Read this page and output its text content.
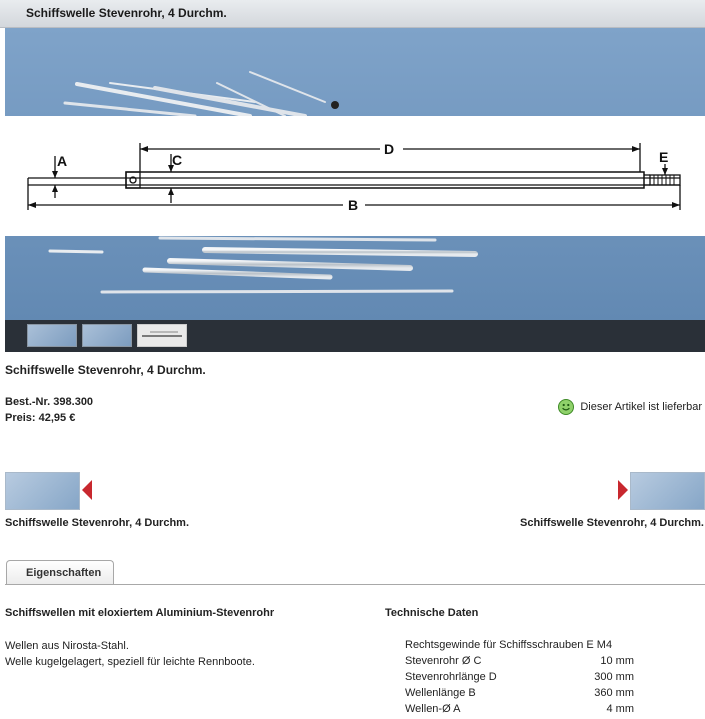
Schiffswelle Stevenrohr, 4 Durchm.
A	C
D
B
E
Schiffswelle Stevenrohr, 4 Durchm.
Best.-Nr. 398.300
Preis: 42,95 €
Dieser Artikel ist lieferbar
Schiffswelle Stevenrohr, 4 Durchm.	Schiffswelle Stevenrohr, 4 Durchm.
Eigenschaften
Schiffswellen mit eloxiertem Aluminium-Stevenrohr
Wellen aus Nirosta-Stahl.
Welle kugelgelagert, speziell für leichte Rennboote.
Technische Daten
Rechtsgewinde für Schiffsschrauben E M4	
Stevenrohr Ø C	10 mm
Stevenrohrlänge D	300 mm
Wellenlänge B	360 mm
Wellen-Ø A	4 mm
